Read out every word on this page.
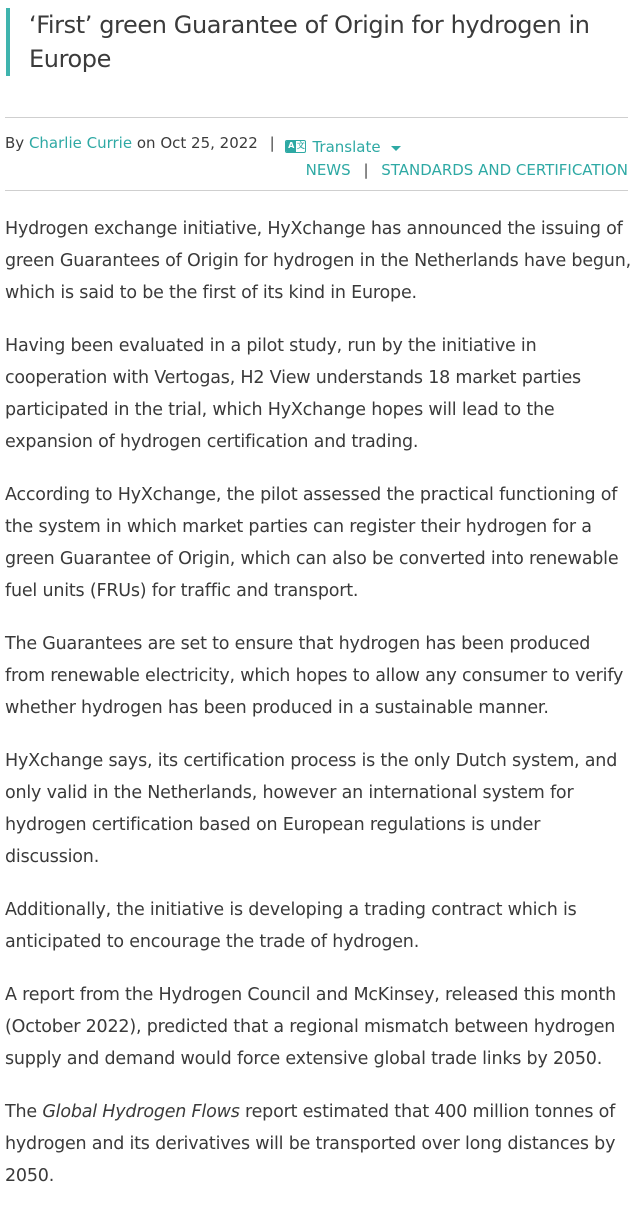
‘First’ green Guarantee of Origin for hydrogen in Europe
By Charlie Currie on Oct 25, 2022 | A 文 Translate
NEWS | STANDARDS AND CERTIFICATION

Hydrogen exchange initiative, HyXchange has announced the issuing of green Guarantees of Origin for hydrogen in the Netherlands have begun, which is said to be the first of its kind in Europe.

Having been evaluated in a pilot study, run by the initiative in cooperation with Vertogas, H2 View understands 18 market parties participated in the trial, which HyXchange hopes will lead to the expansion of hydrogen certification and trading.

According to HyXchange, the pilot assessed the practical functioning of the system in which market parties can register their hydrogen for a green Guarantee of Origin, which can also be converted into renewable fuel units (FRUs) for traffic and transport.

The Guarantees are set to ensure that hydrogen has been produced from renewable electricity, which hopes to allow any consumer to verify whether hydrogen has been produced in a sustainable manner.

HyXchange says, its certification process is the only Dutch system, and only valid in the Netherlands, however an international system for hydrogen certification based on European regulations is under discussion.

Additionally, the initiative is developing a trading contract which is anticipated to encourage the trade of hydrogen.

A report from the Hydrogen Council and McKinsey, released this month (October 2022), predicted that a regional mismatch between hydrogen supply and demand would force extensive global trade links by 2050.

The Global Hydrogen Flows report estimated that 400 million tonnes of hydrogen and its derivatives will be transported over long distances by 2050.
